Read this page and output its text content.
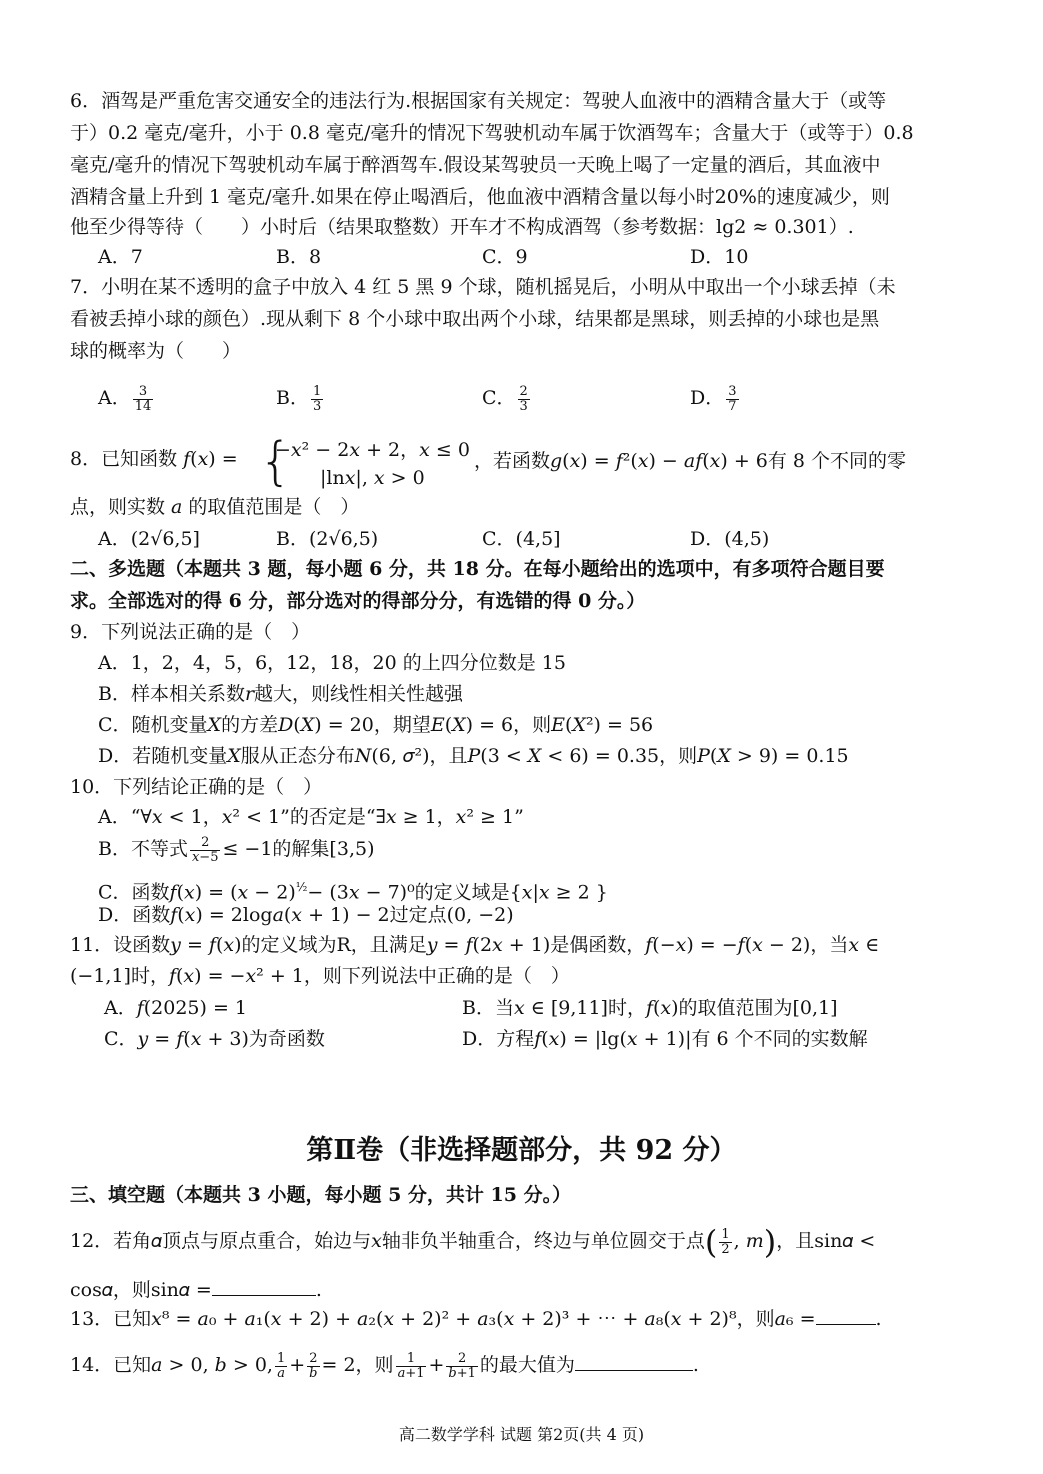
6．酒驾是严重危害交通安全的违法行为.根据国家有关规定：驾驶人血液中的酒精含量大于（或等
于）0.2 毫克/毫升，小于 0.8 毫克/毫升的情况下驾驶机动车属于饮酒驾车；含量大于（或等于）0.8
毫克/毫升的情况下驾驶机动车属于醉酒驾车.假设某驾驶员一天晚上喝了一定量的酒后，其血液中
酒精含量上升到 1 毫克/毫升.如果在停止喝酒后，他血液中酒精含量以每小时20%的速度减少，则
他至少得等待（　　）小时后（结果取整数）开车才不构成酒驾（参考数据：lg2 ≈ 0.301）.
A．7	B．8	C．9	D．10
7．小明在某不透明的盒子中放入 4 红 5 黑 9 个球，随机摇晃后，小明从中取出一个小球丢掉（未
看被丢掉小球的颜色）.现从剩下 8 个小球中取出两个小球，结果都是黑球，则丢掉的小球也是黑
球的概率为（　　）
A． $\frac{3}{14}$	B． $\frac{1}{3}$	C． $\frac{2}{3}$	D． $\frac{3}{7}$
8．已知函数 𝑓(𝑥) = {
−𝑥² − 2𝑥 + 2，𝑥 ≤ 0
|ln𝑥|, 𝑥 > 0
，若函数𝑔(𝑥) = 𝑓²(𝑥) − 𝑎𝑓(𝑥) + 6有 8 个不同的零
点，则实数 𝑎 的取值范围是（　）
A．(2√6,5]	B．(2√6,5)	C．(4,5]	D．(4,5)
二、多选题（本题共 3 题，每小题 6 分，共 18 分。在每小题给出的选项中，有多项符合题目要
求。全部选对的得 6 分，部分选对的得部分分，有选错的得 0 分。）
9．下列说法正确的是（　）
A．1，2，4，5，6，12，18，20 的上四分位数是 15
B．样本相关系数𝑟越大，则线性相关性越强
C．随机变量𝑋的方差𝐷(𝑋) = 20，期望𝐸(𝑋) = 6，则𝐸(𝑋²) = 56
D．若随机变量𝑋服从正态分布𝑁(6, 𝜎²)，且𝑃(3 < 𝑋 < 6) = 0.35，则𝑃(𝑋 > 9) = 0.15
10．下列结论正确的是（　）
A．“∀𝑥 < 1，𝑥² < 1”的否定是“∃𝑥 ≥ 1，𝑥² ≥ 1”
B．不等式 $\frac{2}{\text{𝑥−5}} \le -1$的解集[3,5)
C．函数𝑓(𝑥) = (𝑥 − 2)$^{\frac{1}{2}}$− (3𝑥 − 7)⁰的定义域是{𝑥|𝑥 ≥ 2 }
D．函数𝑓(𝑥) = 2log𝑎(𝑥 + 1) − 2过定点(0, −2)
11．设函数𝑦 = 𝑓(𝑥)的定义域为R，且满足𝑦 = 𝑓(2𝑥 + 1)是偶函数，𝑓(−𝑥) = −𝑓(𝑥 − 2)，当𝑥 ∈
(−1,1]时，𝑓(𝑥) = −𝑥² + 1，则下列说法中正确的是（　）
A．𝑓(2025) = 1	B．当𝑥 ∈ [9,11]时，𝑓(𝑥)的取值范围为[0,1]
C．𝑦 = 𝑓(𝑥 + 3)为奇函数	D．方程𝑓(𝑥) = |lg(𝑥 + 1)|有 6 个不同的实数解
第Ⅱ卷（非选择题部分，共 92 分）
三、填空题（本题共 3 小题，每小题 5 分，共计 15 分。）
12．若角𝛼顶点与原点重合，始边与𝑥轴非负半轴重合，终边与单位圆交于点( $\frac{1}{2}$ , 𝑚)，且sin𝛼 <
cos𝛼，则sin𝛼 =	.
13．已知𝑥⁸ = 𝑎₀ + 𝑎₁(𝑥 + 2) + 𝑎₂(𝑥 + 2)² + 𝑎₃(𝑥 + 2)³ + ⋯ + 𝑎₈(𝑥 + 2)⁸，则𝑎₆ =	.
14．已知𝑎 > 0, 𝑏 > 0, $\frac{1}{\text{𝑎}} + \frac{2}{\text{𝑏}} = 2$，则 $\frac{1}{\text{𝑎+1}} + \frac{2}{\text{𝑏+1}}$ 的最大值为	.
高二数学学科 试题 第2页(共 4 页)
